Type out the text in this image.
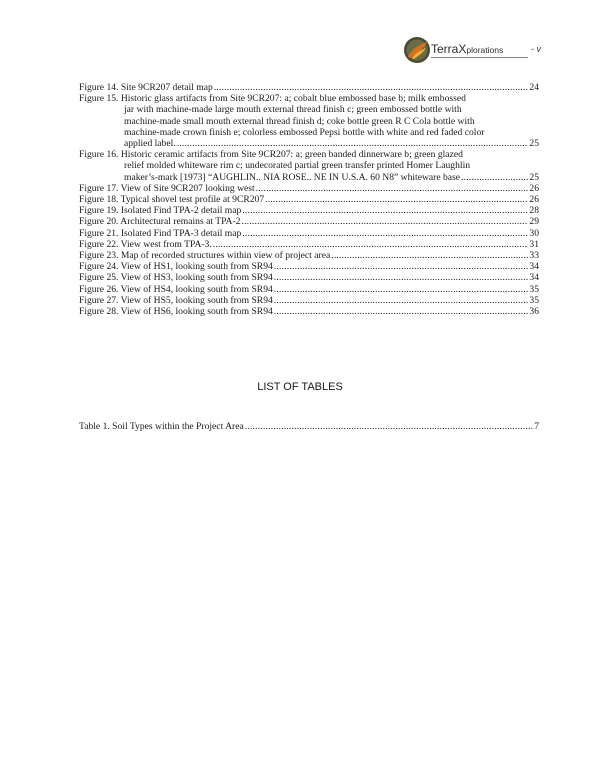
TerraXplorations	- v
Figure 14. Site 9CR207 detail map .....	24
Figure 15. Historic glass artifacts from Site 9CR207: a; cobalt blue embossed base b; milk embossed
jar with machine-made large mouth external thread finish c; green embossed bottle with
machine-made small mouth external thread finish d; coke bottle green R C Cola bottle with
machine-made crown finish e; colorless embossed Pepsi bottle with white and red faded color
applied label. .....	25
Figure 16. Historic ceramic artifacts from Site 9CR207: a; green banded dinnerware b; green glazed
relief molded whiteware rim c; undecorated partial green transfer printed Homer Laughlin
maker’s-mark [1973] “AUGHLIN.. NIA ROSE.. NE IN U.S.A. 60 N8” whiteware base .....	25
Figure 17. View of Site 9CR207 looking west .....	26
Figure 18. Typical shovel test profile at 9CR207 .....	26
Figure 19. Isolated Find TPA-2 detail map .....	28
Figure 20. Architectural remains at TPA-2 .....	29
Figure 21. Isolated Find TPA-3 detail map .....	30
Figure 22. View west from TPA-3. .....	31
Figure 23. Map of recorded structures within view of project area .....	33
Figure 24. View of HS1, looking south from SR94 .....	34
Figure 25. View of HS3, looking south from SR94 .....	34
Figure 26. View of HS4, looking south from SR94 .....	35
Figure 27. View of HS5, looking south from SR94 .....	35
Figure 28. View of HS6, looking south from SR94 .....	36
LIST OF TABLES
Table 1. Soil Types within the Project Area .....	7
